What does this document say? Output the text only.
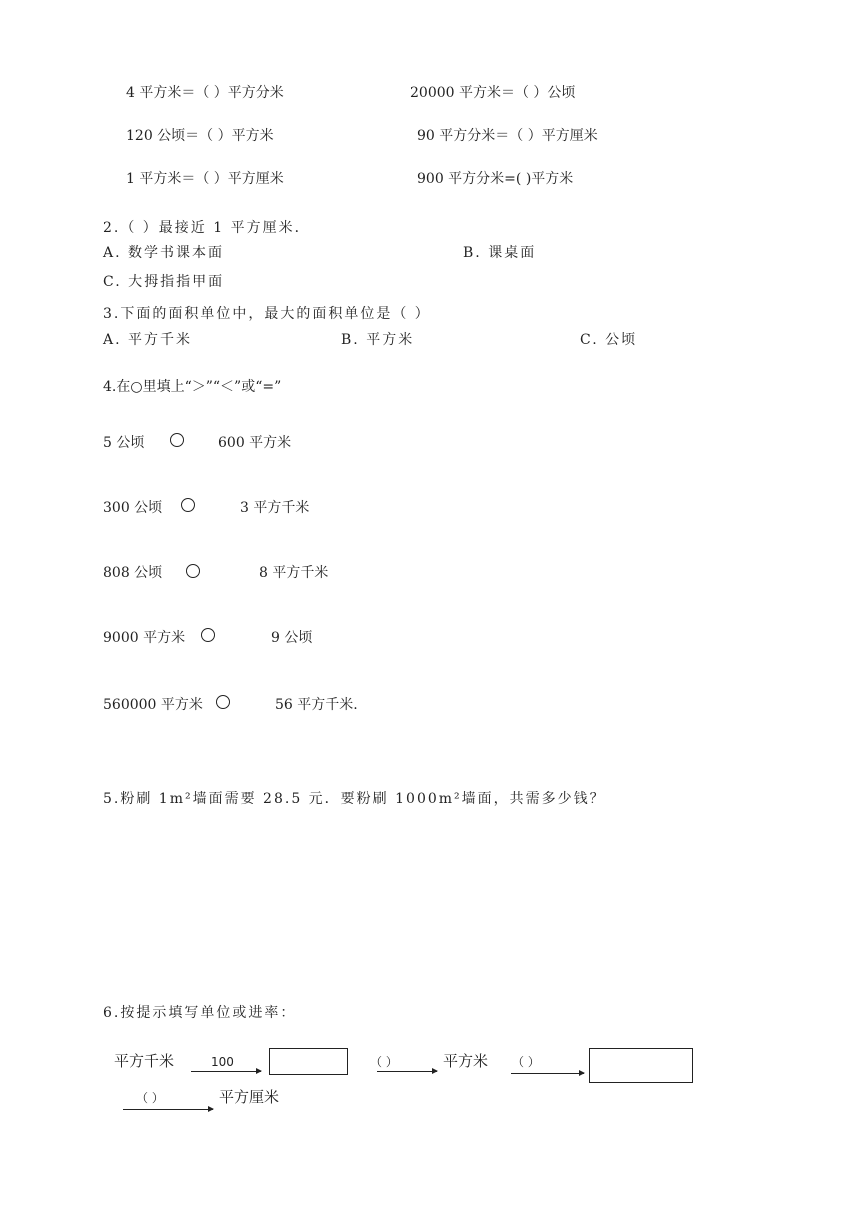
4 平方米＝（ ）平方分米	20000 平方米＝（ ）公顷
120 公顷＝（ ）平方米	90 平方分米＝（ ）平方厘米
1 平方米＝（ ）平方厘米	900 平方分米=( )平方米
2.（ ）最接近 1 平方厘米．
A. 数学书课本面	B. 课桌面
C. 大拇指指甲面
3.下面的面积单位中，最大的面积单位是（ ）
A. 平方千米	B. 平方米	C. 公顷
4.在○里填上“＞”“＜”或“=”
5 公顷	600 平方米
300 公顷	3 平方千米
808 公顷	8 平方千米
9000 平方米	9 公顷
560000 平方米	56 平方千米.
5.粉刷 1m²墙面需要 28.5 元．要粉刷 1000m²墙面，共需多少钱？
6.按提示填写单位或进率：
平方千米	100	（ ）	平方米 （ ）
（ ）	平方厘米
